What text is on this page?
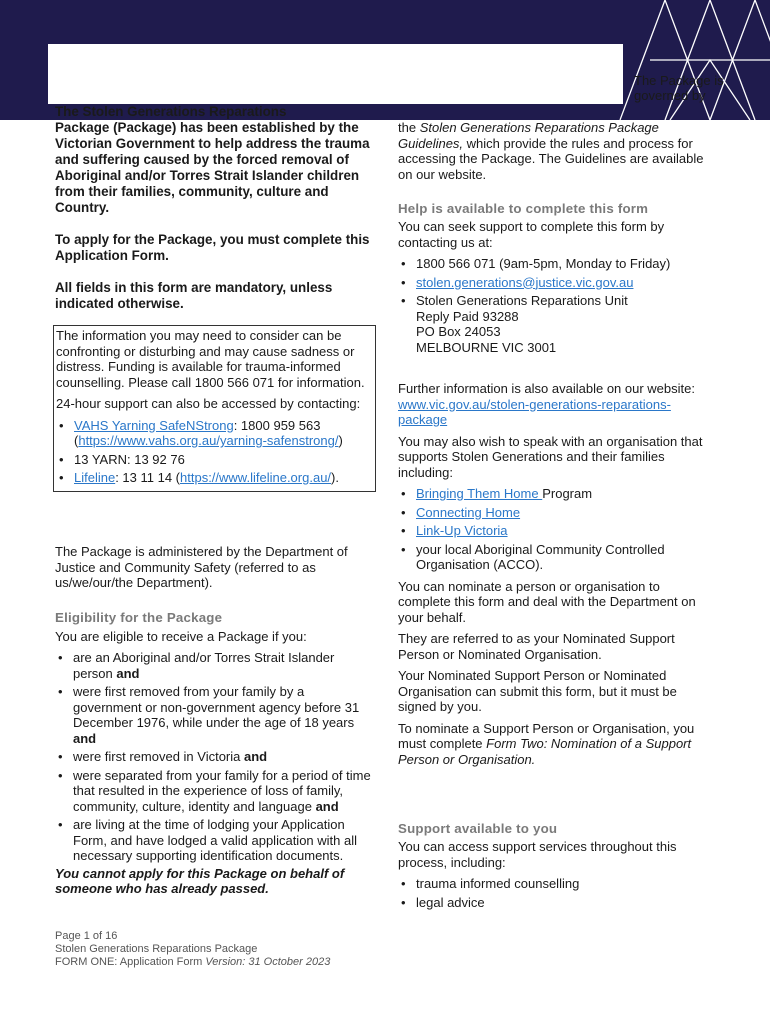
The Package is governed by

The Stolen Generations Reparations
Package (Package) has been established by the Victorian Government to help address the trauma and suffering caused by the forced removal of Aboriginal and/or Torres Strait Islander children from their families, community, culture and Country.

To apply for the Package, you must complete this Application Form.

All fields in this form are mandatory, unless indicated otherwise.

The information you may need to consider can be confronting or disturbing and may cause sadness or distress. Funding is available for trauma-informed counselling. Please call 1800 566 071 for information.

24-hour support can also be accessed by contacting:

• VAHS Yarning SafeNStrong: 1800 959 563 (https://www.vahs.org.au/yarning-safenstrong/)
• 13 YARN: 13 92 76
• Lifeline: 13 11 14 (https://www.lifeline.org.au/).

The Package is administered by the Department of Justice and Community Safety (referred to as us/we/our/the Department).

Eligibility for the Package

You are eligible to receive a Package if you:

• are an Aboriginal and/or Torres Strait Islander person and
• were first removed from your family by a government or non-government agency before 31 December 1976, while under the age of 18 years and
• were first removed in Victoria and
• were separated from your family for a period of time that resulted in the experience of loss of family, community, culture, identity and language and
• are living at the time of lodging your Application Form, and have lodged a valid application with all necessary supporting identification documents.

You cannot apply for this Package on behalf of someone who has already passed.

the Stolen Generations Reparations Package Guidelines, which provide the rules and process for accessing the Package. The Guidelines are available on our website.

Help is available to complete this form

You can seek support to complete this form by contacting us at:

• 1800 566 071 (9am-5pm, Monday to Friday)
• stolen.generations@justice.vic.gov.au
• Stolen Generations Reparations Unit
Reply Paid 93288
PO Box 24053
MELBOURNE VIC 3001

Further information is also available on our website: www.vic.gov.au/stolen-generations-reparations-package

You may also wish to speak with an organisation that supports Stolen Generations and their families including:

• Bringing Them Home Program
• Connecting Home
• Link-Up Victoria
• your local Aboriginal Community Controlled Organisation (ACCO).

You can nominate a person or organisation to complete this form and deal with the Department on your behalf.

They are referred to as your Nominated Support Person or Nominated Organisation.

Your Nominated Support Person or Nominated Organisation can submit this form, but it must be signed by you.

To nominate a Support Person or Organisation, you must complete Form Two: Nomination of a Support Person or Organisation.

Support available to you

You can access support services throughout this process, including:

• trauma informed counselling
• legal advice
Page 1 of 16
Stolen Generations Reparations Package
FORM ONE: Application Form Version: 31 October 2023
